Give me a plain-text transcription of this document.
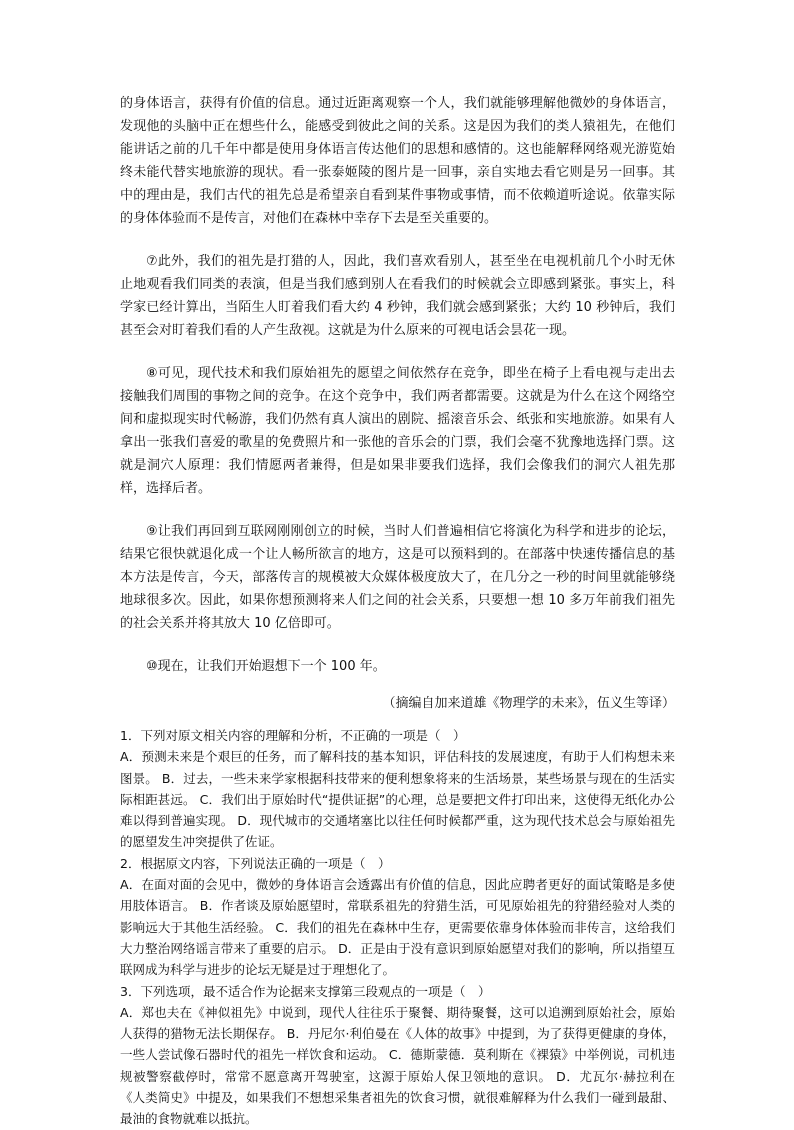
的身体语言，获得有价值的信息。通过近距离观察一个人，我们就能够理解他微妙的身体语言，发现他的头脑中正在想些什么，能感受到彼此之间的关系。这是因为我们的类人猿祖先，在他们能讲话之前的几千年中都是使用身体语言传达他们的思想和感情的。这也能解释网络观光游览始终未能代替实地旅游的现状。看一张泰姬陵的图片是一回事，亲自实地去看它则是另一回事。其中的理由是，我们古代的祖先总是希望亲自看到某件事物或事情，而不依赖道听途说。依靠实际的身体体验而不是传言，对他们在森林中幸存下去是至关重要的。

⑦此外，我们的祖先是打猎的人，因此，我们喜欢看别人，甚至坐在电视机前几个小时无休止地观看我们同类的表演，但是当我们感到别人在看我们的时候就会立即感到紧张。事实上，科学家已经计算出，当陌生人盯着我们看大约 4 秒钟，我们就会感到紧张；大约 10 秒钟后，我们甚至会对盯着我们看的人产生敌视。这就是为什么原来的可视电话会昙花一现。

⑧可见，现代技术和我们原始祖先的愿望之间依然存在竞争，即坐在椅子上看电视与走出去接触我们周围的事物之间的竞争。在这个竞争中，我们两者都需要。这就是为什么在这个网络空间和虚拟现实时代畅游，我们仍然有真人演出的剧院、摇滚音乐会、纸张和实地旅游。如果有人拿出一张我们喜爱的歌星的免费照片和一张他的音乐会的门票，我们会毫不犹豫地选择门票。这就是洞穴人原理：我们情愿两者兼得，但是如果非要我们选择，我们会像我们的洞穴人祖先那样，选择后者。

⑨让我们再回到互联网刚刚创立的时候，当时人们普遍相信它将演化为科学和进步的论坛，结果它很快就退化成一个让人畅所欲言的地方，这是可以预料到的。在部落中快速传播信息的基本方法是传言，今天，部落传言的规模被大众媒体极度放大了，在几分之一秒的时间里就能够绕地球很多次。因此，如果你想预测将来人们之间的社会关系，只要想一想 10 多万年前我们祖先的社会关系并将其放大 10 亿倍即可。

⑩现在，让我们开始遐想下一个 100 年。

（摘编自加来道雄《物理学的未来》，伍义生等译）

1．下列对原文相关内容的理解和分析，不正确的一项是（　）

A．预测未来是个艰巨的任务，而了解科技的基本知识，评估科技的发展速度，有助于人们构想未来图景。 B．过去，一些未来学家根据科技带来的便利想象将来的生活场景，某些场景与现在的生活实际相距甚远。 C．我们出于原始时代“提供证据”的心理，总是要把文件打印出来，这使得无纸化办公难以得到普遍实现。 D．现代城市的交通堵塞比以往任何时候都严重，这为现代技术总会与原始祖先的愿望发生冲突提供了佐证。

2．根据原文内容，下列说法正确的一项是（　）

A．在面对面的会见中，微妙的身体语言会透露出有价值的信息，因此应聘者更好的面试策略是多使用肢体语言。 B．作者谈及原始愿望时，常联系祖先的狩猎生活，可见原始祖先的狩猎经验对人类的影响远大于其他生活经验。 C．我们的祖先在森林中生存，更需要依靠身体体验而非传言，这给我们大力整治网络谣言带来了重要的启示。 D．正是由于没有意识到原始愿望对我们的影响，所以指望互联网成为科学与进步的论坛无疑是过于理想化了。

3．下列选项，最不适合作为论据来支撑第三段观点的一项是（　）

A．郑也夫在《神似祖先》中说到，现代人往往乐于聚餐、期待聚餐，这可以追溯到原始社会，原始人获得的猎物无法长期保存。 B．丹尼尔·利伯曼在《人体的故事》中提到，为了获得更健康的身体，一些人尝试像石器时代的祖先一样饮食和运动。 C．德斯蒙德．莫利斯在《裸猿》中举例说，司机违规被警察截停时，常常不愿意离开驾驶室，这源于原始人保卫领地的意识。 D．尤瓦尔·赫拉利在《人类简史》中提及，如果我们不想想采集者祖先的饮食习惯，就很难解释为什么我们一碰到最甜、最油的食物就难以抵抗。
